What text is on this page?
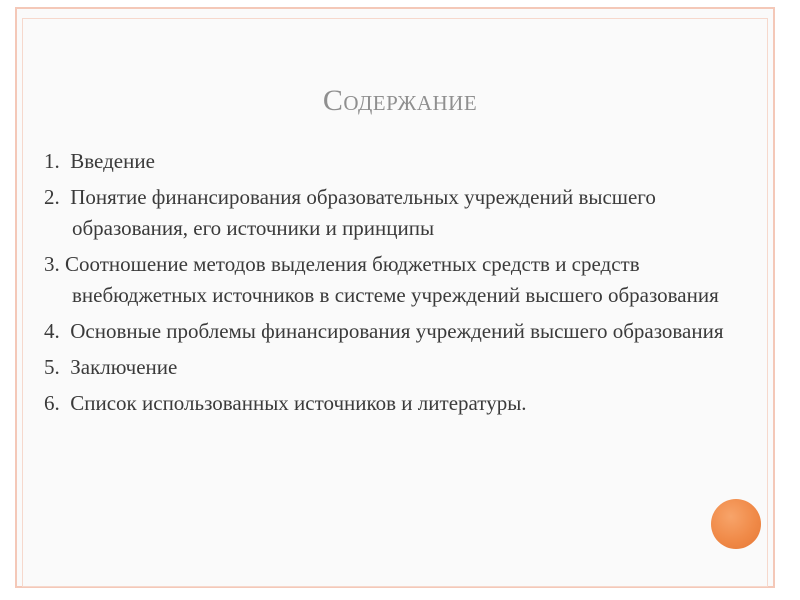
Содержание
1.  Введение
2.  Понятие финансирования образовательных учреждений высшего образования, его источники и принципы
3. Соотношение методов выделения бюджетных средств и средств внебюджетных источников в системе учреждений высшего образования
4.  Основные проблемы финансирования учреждений высшего образования
5.  Заключение
6.  Список использованных источников и литературы.
